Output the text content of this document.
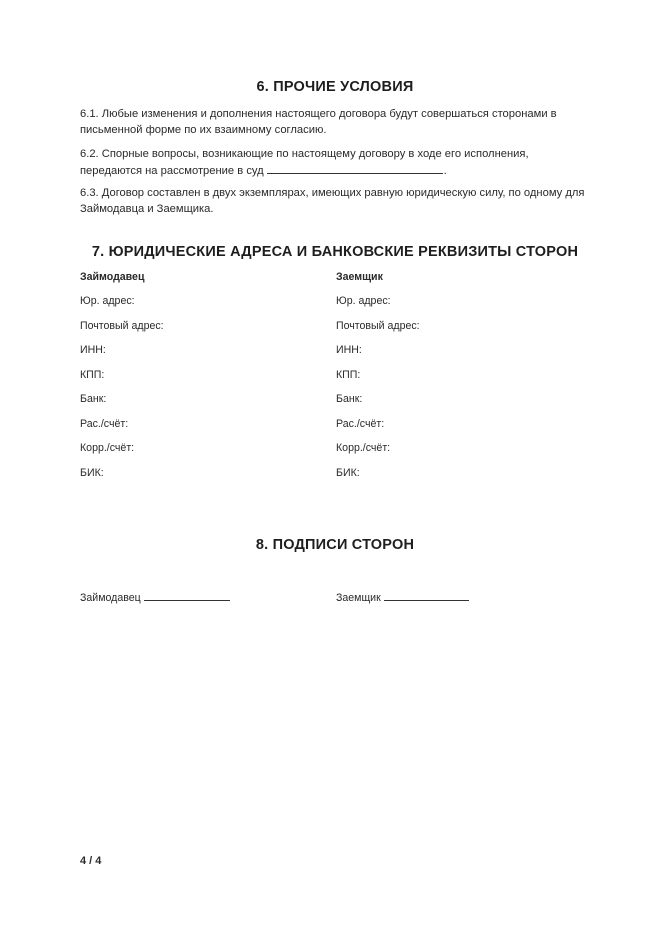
6. ПРОЧИЕ УСЛОВИЯ
6.1. Любые изменения и дополнения настоящего договора будут совершаться сторонами в письменной форме по их взаимному согласию.
6.2. Спорные вопросы, возникающие по настоящему договору в ходе его исполнения,
передаются на рассмотрение в суд	.
6.3. Договор составлен в двух экземплярах, имеющих равную юридическую силу, по одному для Займодавца и Заемщика.
7. ЮРИДИЧЕСКИЕ АДРЕСА И БАНКОВСКИЕ РЕКВИЗИТЫ СТОРОН
Займодавец
Юр. адрес:
Почтовый адрес:
ИНН:
КПП:
Банк:
Рас./счёт:
Корр./счёт:
БИК:
Заемщик
Юр. адрес:
Почтовый адрес:
ИНН:
КПП:
Банк:
Рас./счёт:
Корр./счёт:
БИК:
8. ПОДПИСИ СТОРОН
Займодавец	Заемщик
4 / 4
